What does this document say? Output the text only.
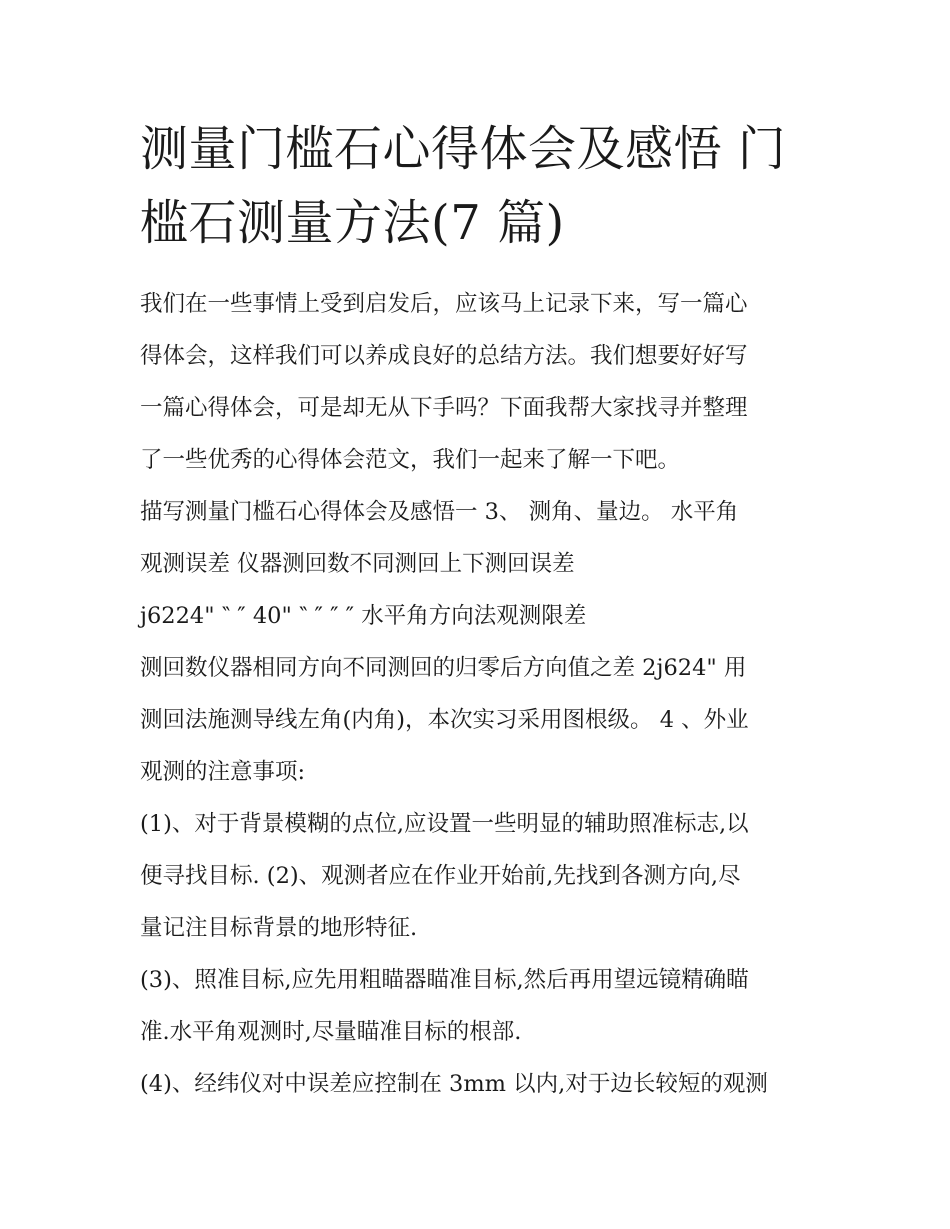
测量门槛石心得体会及感悟 门
槛石测量方法(7 篇)
我们在一些事情上受到启发后，应该马上记录下来，写一篇心
得体会，这样我们可以养成良好的总结方法。我们想要好好写
一篇心得体会，可是却无从下手吗？下面我帮大家找寻并整理
了一些优秀的心得体会范文，我们一起来了解一下吧。
描写测量门槛石心得体会及感悟一 3、 测角、量边。 水平角
观测误差 仪器测回数不同测回上下测回误差
j6224" ‶ ″ 40" ‶ ″ ″ ″ 水平角方向法观测限差
测回数仪器相同方向不同测回的归零后方向值之差 2j624" 用
测回法施测导线左角(内角)，本次实习采用图根级。 4 、外业
观测的注意事项:
(1)、对于背景模糊的点位,应设置一些明显的辅助照准标志,以
便寻找目标. (2)、观测者应在作业开始前,先找到各测方向,尽
量记注目标背景的地形特征.
(3)、照准目标,应先用粗瞄器瞄准目标,然后再用望远镜精确瞄
准.水平角观测时,尽量瞄准目标的根部.
(4)、经纬仪对中误差应控制在 3mm 以内,对于边长较短的观测
